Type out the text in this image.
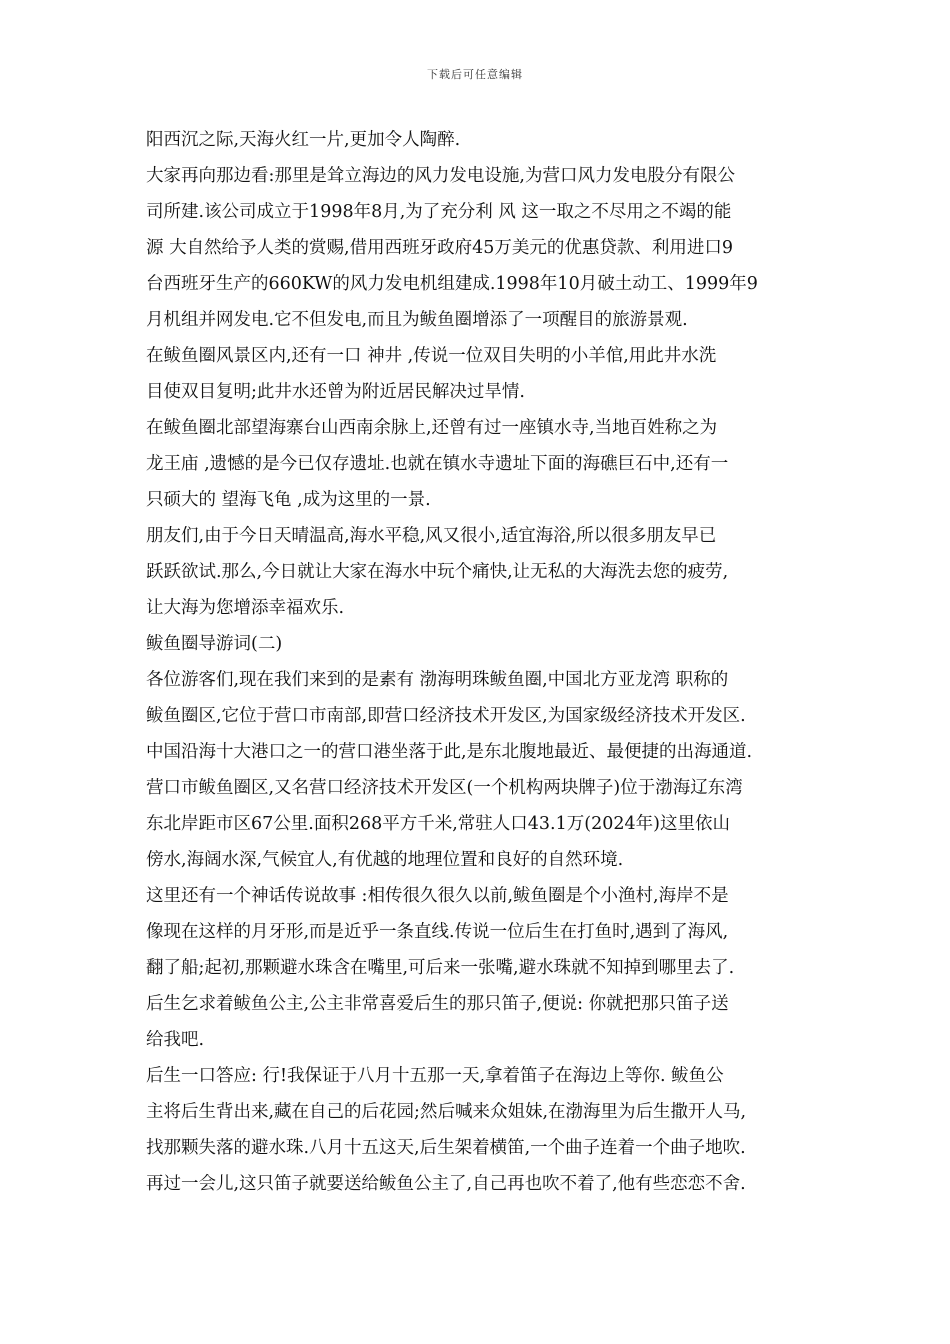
下载后可任意编辑
阳西沉之际,天海火红一片,更加令人陶醉.
大家再向那边看:那里是耸立海边的风力发电设施,为营口风力发电股分有限公
司所建.该公司成立于1998年8月,为了充分利 风 这一取之不尽用之不竭的能
源 大自然给予人类的赏赐,借用西班牙政府45万美元的优惠贷款、利用进口9
台西班牙生产的660KW的风力发电机组建成.1998年10月破土动工、1999年9
月机组并网发电.它不但发电,而且为鲅鱼圈增添了一项醒目的旅游景观.
在鲅鱼圈风景区内,还有一口 神井 ,传说一位双目失明的小羊倌,用此井水洗
目使双目复明;此井水还曾为附近居民解决过旱情.
在鲅鱼圈北部望海寨台山西南余脉上,还曾有过一座镇水寺,当地百姓称之为
龙王庙 ,遗憾的是今已仅存遗址.也就在镇水寺遗址下面的海礁巨石中,还有一
只硕大的 望海飞龟 ,成为这里的一景.
朋友们,由于今日天晴温高,海水平稳,风又很小,适宜海浴,所以很多朋友早已
跃跃欲试.那么,今日就让大家在海水中玩个痛快,让无私的大海洗去您的疲劳,
让大海为您增添幸福欢乐.
鲅鱼圈导游词(二)
各位游客们,现在我们来到的是素有 渤海明珠鲅鱼圈,中国北方亚龙湾 职称的
鲅鱼圈区,它位于营口市南部,即营口经济技术开发区,为国家级经济技术开发区.
中国沿海十大港口之一的营口港坐落于此,是东北腹地最近、最便捷的出海通道.
营口市鲅鱼圈区,又名营口经济技术开发区(一个机构两块牌子)位于渤海辽东湾
东北岸距市区67公里.面积268平方千米,常驻人口43.1万(2024年)这里依山
傍水,海阔水深,气候宜人,有优越的地理位置和良好的自然环境.
这里还有一个神话传说故事 :相传很久很久以前,鲅鱼圈是个小渔村,海岸不是
像现在这样的月牙形,而是近乎一条直线.传说一位后生在打鱼时,遇到了海风,
翻了船;起初,那颗避水珠含在嘴里,可后来一张嘴,避水珠就不知掉到哪里去了.
后生乞求着鲅鱼公主,公主非常喜爱后生的那只笛子,便说: 你就把那只笛子送
给我吧.
后生一口答应: 行!我保证于八月十五那一天,拿着笛子在海边上等你. 鲅鱼公
主将后生背出来,藏在自己的后花园;然后喊来众姐妹,在渤海里为后生撒开人马,
找那颗失落的避水珠.八月十五这天,后生架着横笛,一个曲子连着一个曲子地吹.
再过一会儿,这只笛子就要送给鲅鱼公主了,自己再也吹不着了,他有些恋恋不舍.
